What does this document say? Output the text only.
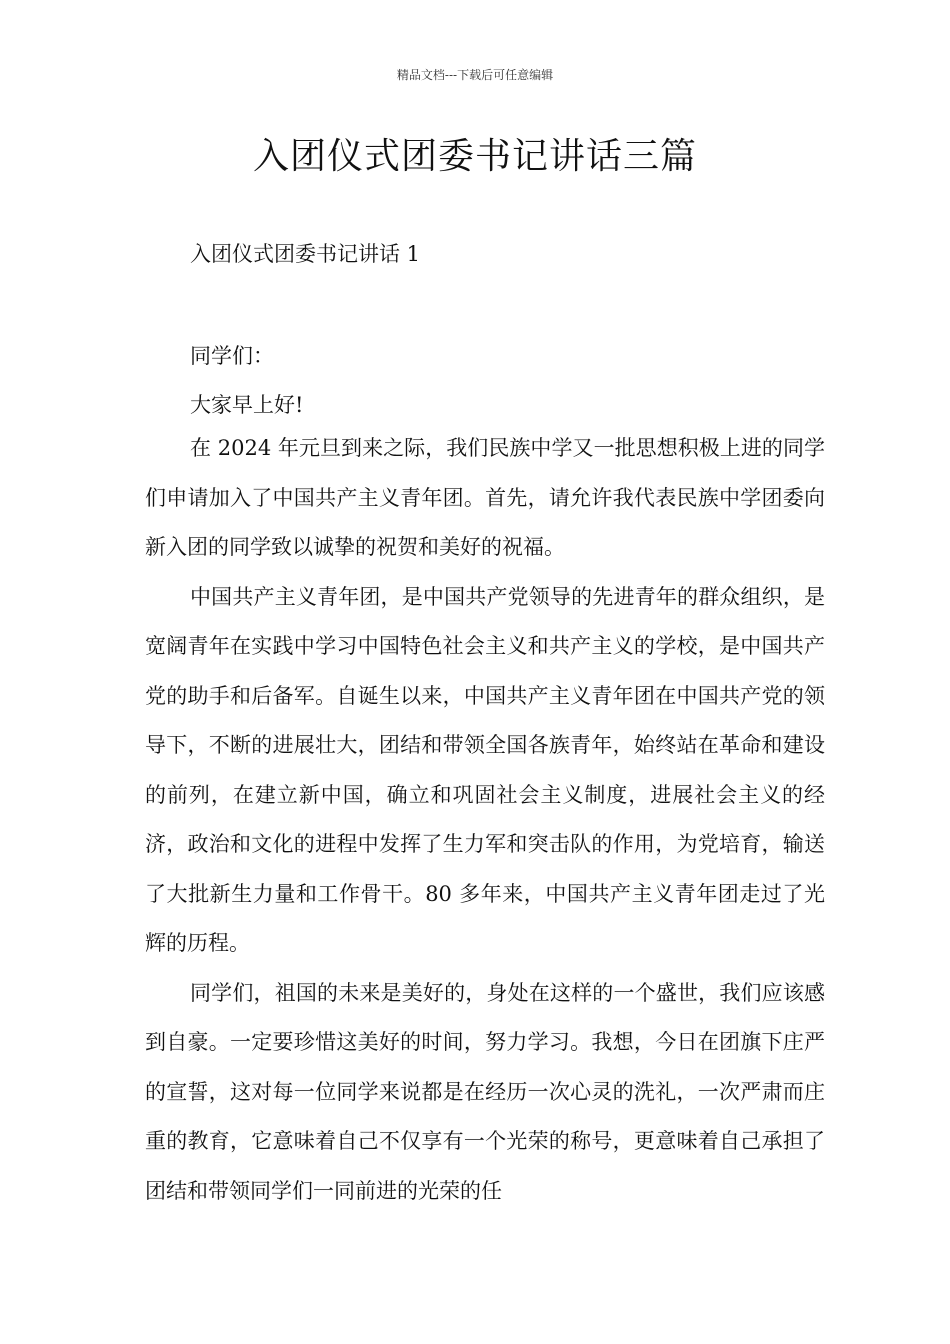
精品文档---下载后可任意编辑
入团仪式团委书记讲话三篇
入团仪式团委书记讲话 1
同学们：
大家早上好!

在 2024 年元旦到来之际，我们民族中学又一批思想积极上进的同学们申请加入了中国共产主义青年团。首先，请允许我代表民族中学团委向新入团的同学致以诚挚的祝贺和美好的祝福。

中国共产主义青年团，是中国共产党领导的先进青年的群众组织，是宽阔青年在实践中学习中国特色社会主义和共产主义的学校，是中国共产党的助手和后备军。自诞生以来，中国共产主义青年团在中国共产党的领导下，不断的进展壮大，团结和带领全国各族青年，始终站在革命和建设的前列，在建立新中国，确立和巩固社会主义制度，进展社会主义的经济，政治和文化的进程中发挥了生力军和突击队的作用，为党培育，输送了大批新生力量和工作骨干。80 多年来，中国共产主义青年团走过了光辉的历程。

同学们，祖国的未来是美好的，身处在这样的一个盛世，我们应该感到自豪。一定要珍惜这美好的时间，努力学习。我想，今日在团旗下庄严的宣誓，这对每一位同学来说都是在经历一次心灵的洗礼，一次严肃而庄重的教育，它意味着自己不仅享有一个光荣的称号，更意味着自己承担了团结和带领同学们一同前进的光荣的任
